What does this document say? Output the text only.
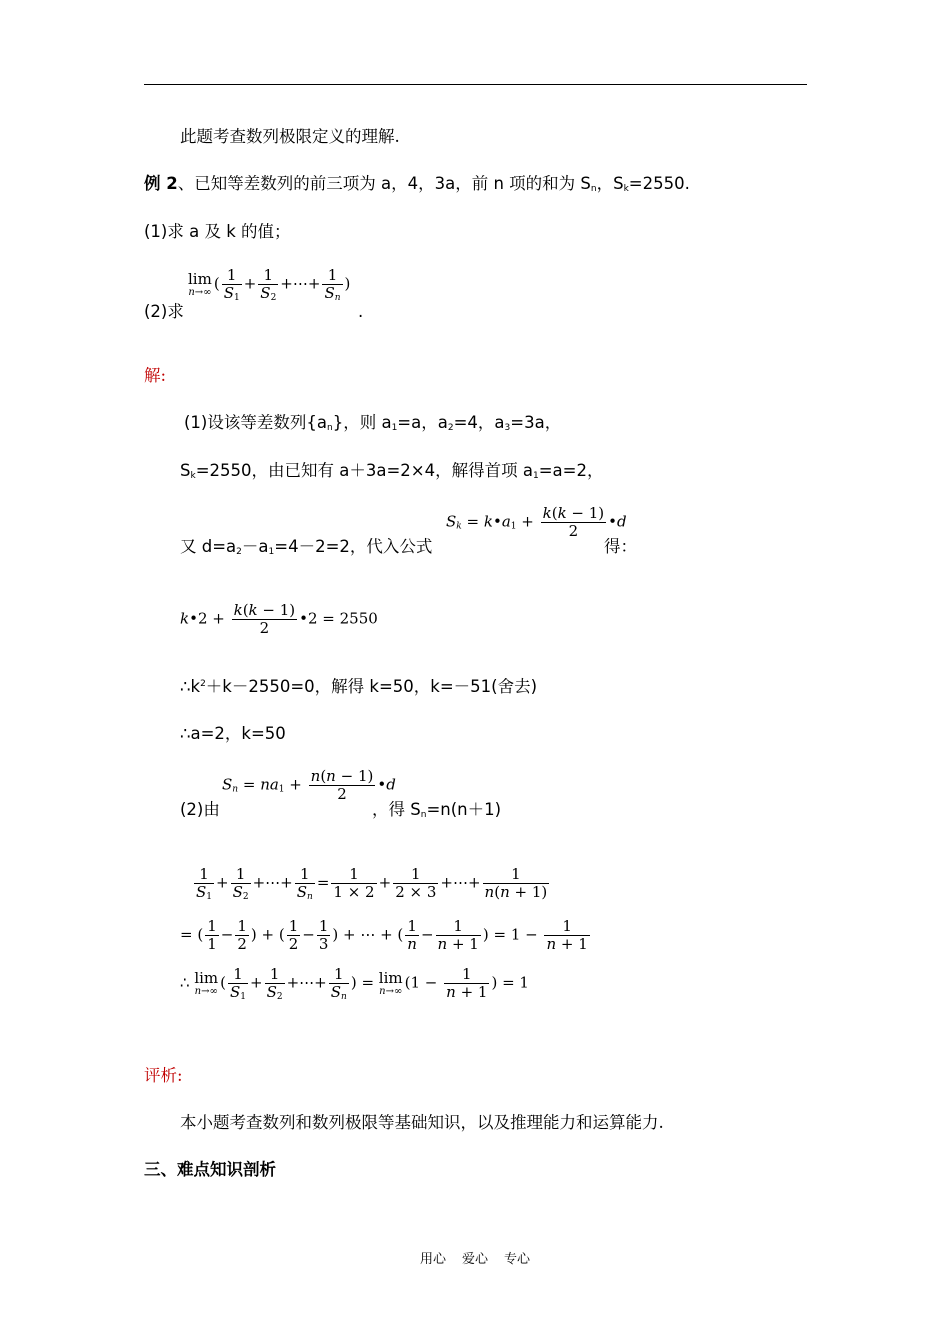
此题考查数列极限定义的理解.
例 2、已知等差数列的前三项为 a，4，3a，前 n 项的和为 $S_n$，$S_k=2550$.
(1)求 a 及 k 的值；
(2)求
lim
n→∞ ( $\frac{1}{S_1} + \frac{1}{S_2}$ +⋯+ $\frac{1}{S_n}$ )
.
解:
(1)设该等差数列$\{a_n\}$，则 $a_1=a$，$a_2=4$，$a_3=3a$，
$S_k=2550$，由已知有 a＋3a=2×4，解得首项 $a_1=a=2$，
又 $d=a_2-a_1=4-2=2$，代入公式
$S_k$ = $k•a_1 + \frac{k(k - 1)}{2}$ •d
得：
k•2 + $\frac{k(k - 1)}{2}$ •2 = 2550
$\therefore k^2+k-2550=0$，解得 k=50，k=－51(舍去)
∴a=2，k=50
(2)由
$S_n = na_1 + \frac{n(n - 1)}{2}$ •d
，得 $S_n=n(n+1)$
$\frac{1}{S_1} + \frac{1}{S_2}$ +⋯+ $\frac{1}{S_n} = \frac{1}{1 \times 2} + \frac{1}{2 \times 3}$ +⋯+ $\frac{1}{n(n + 1)}$
= ( $\frac{1}{1} - \frac{1}{2}$ ) + ( $\frac{1}{2} - \frac{1}{3}$ ) + ⋯ + ( $\frac{1}{n} - \frac{1}{n + 1}$ ) = $1 - \frac{1}{n + 1}$
∴ lim
n→∞ ( $\frac{1}{S_1} + \frac{1}{S_2}$ +⋯+ $\frac{1}{S_n}$ ) = lim
n→∞ ($1 - \frac{1}{n + 1}$ ) = 1
评析:
本小题考查数列和数列极限等基础知识，以及推理能力和运算能力.
三、难点知识剖析
用心 爱心 专心
